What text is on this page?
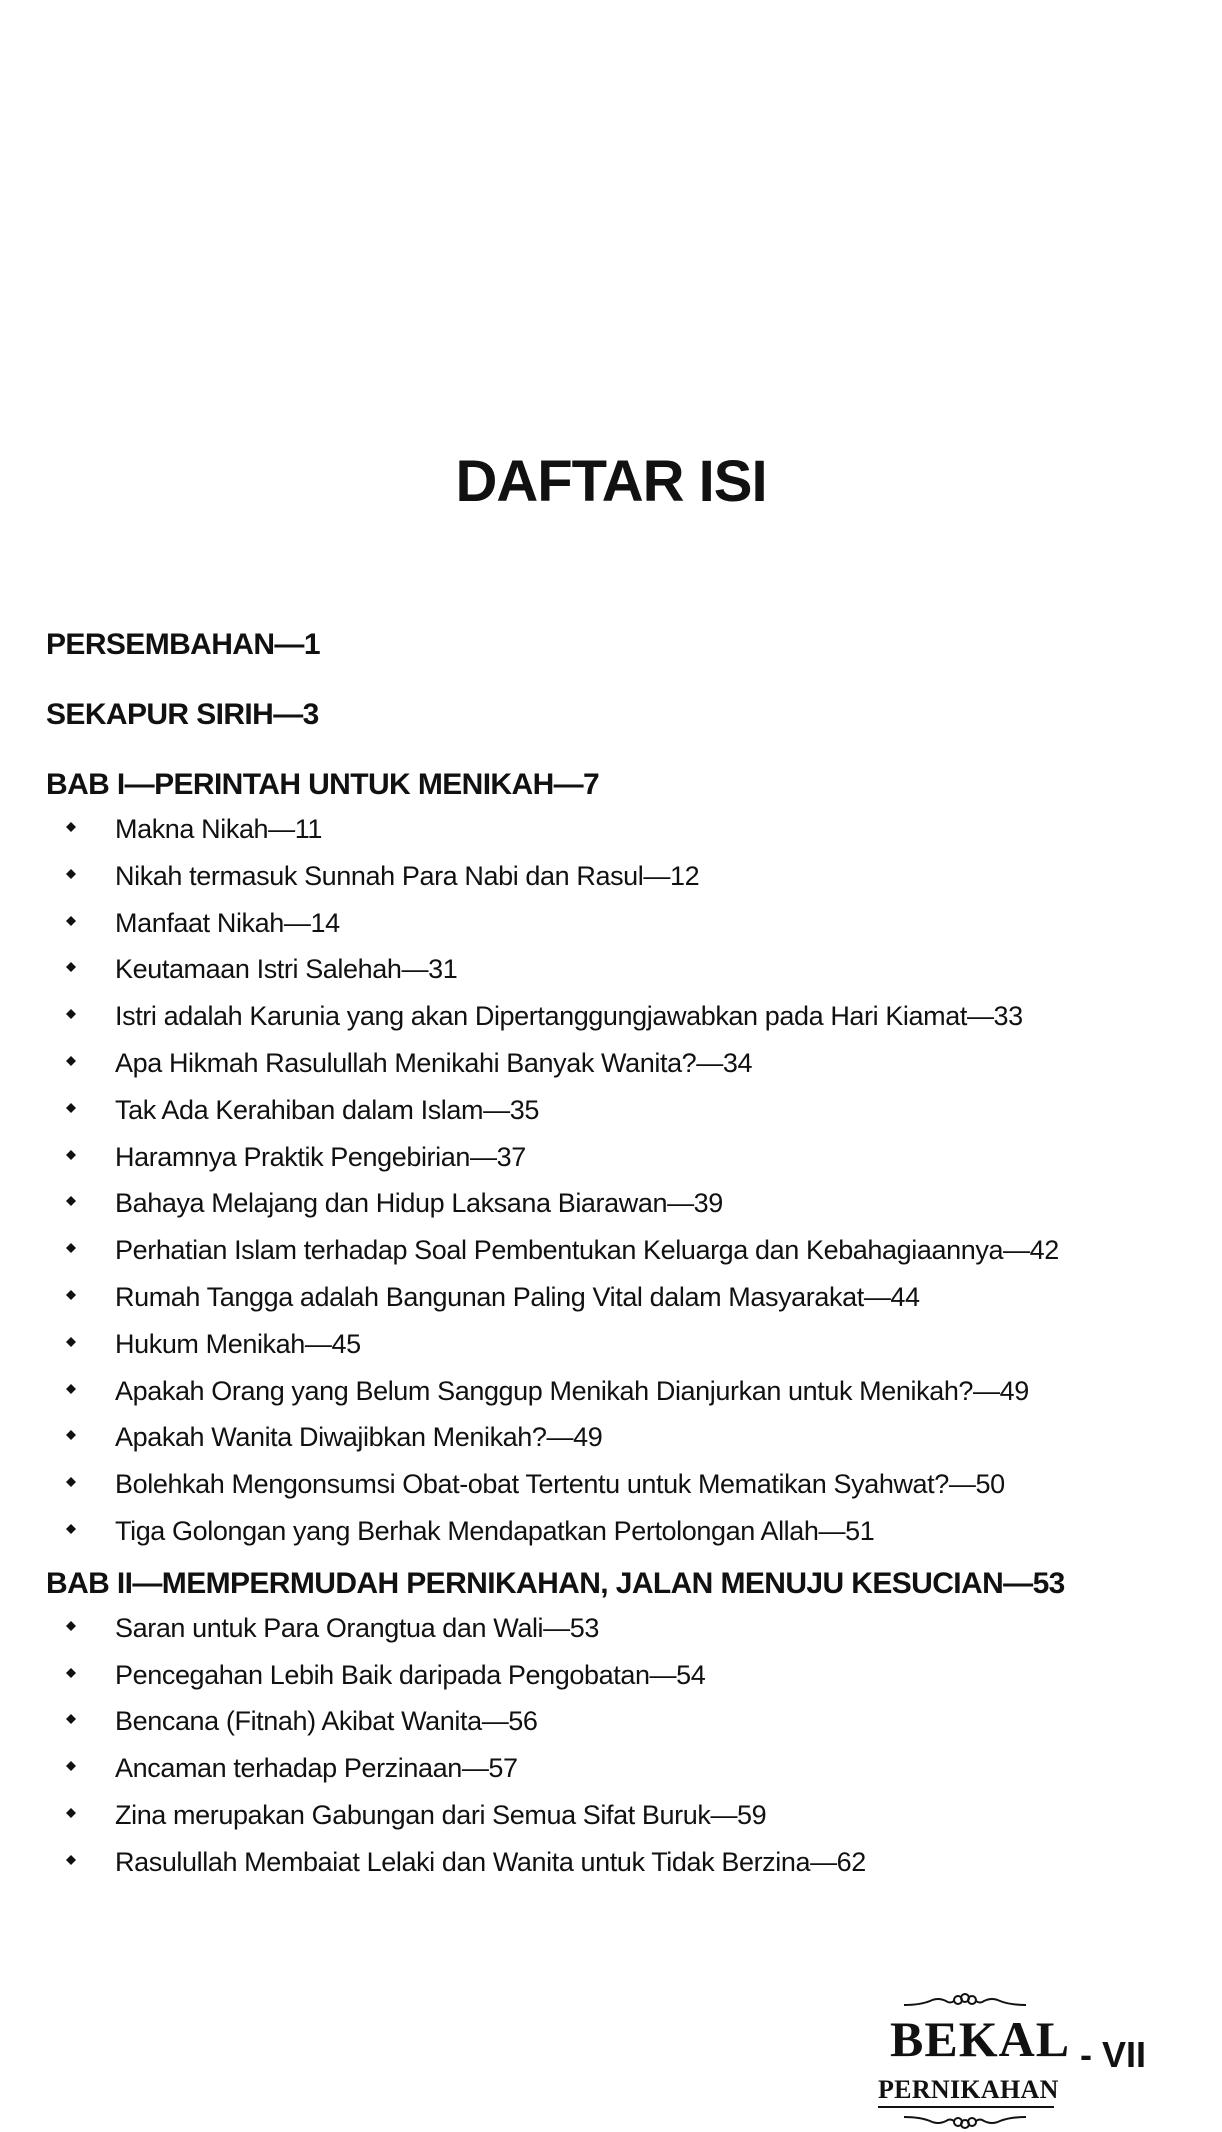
DAFTAR ISI
PERSEMBAHAN—1
SEKAPUR SIRIH—3
BAB I—PERINTAH UNTUK MENIKAH—7
Makna Nikah—11
Nikah termasuk Sunnah Para Nabi dan Rasul—12
Manfaat Nikah—14
Keutamaan Istri Salehah—31
Istri adalah Karunia yang akan Dipertanggungjawabkan pada Hari Kiamat—33
Apa Hikmah Rasulullah Menikahi Banyak Wanita?—34
Tak Ada Kerahiban dalam Islam—35
Haramnya Praktik Pengebirian—37
Bahaya Melajang dan Hidup Laksana Biarawan—39
Perhatian Islam terhadap Soal Pembentukan Keluarga dan Kebahagiaannya—42
Rumah Tangga adalah Bangunan Paling Vital dalam Masyarakat—44
Hukum Menikah—45
Apakah Orang yang Belum Sanggup Menikah Dianjurkan untuk Menikah?—49
Apakah Wanita Diwajibkan Menikah?—49
Bolehkah Mengonsumsi Obat-obat Tertentu untuk Mematikan Syahwat?—50
Tiga Golongan yang Berhak Mendapatkan Pertolongan Allah—51
BAB II—MEMPERMUDAH PERNIKAHAN, JALAN MENUJU KESUCIAN—53
Saran untuk Para Orangtua dan Wali—53
Pencegahan Lebih Baik daripada Pengobatan—54
Bencana (Fitnah) Akibat Wanita—56
Ancaman terhadap Perzinaan—57
Zina merupakan Gabungan dari Semua Sifat Buruk—59
Rasulullah Membaiat Lelaki dan Wanita untuk Tidak Berzina—62
BEKAL
PERNIKAHAN
- VII
